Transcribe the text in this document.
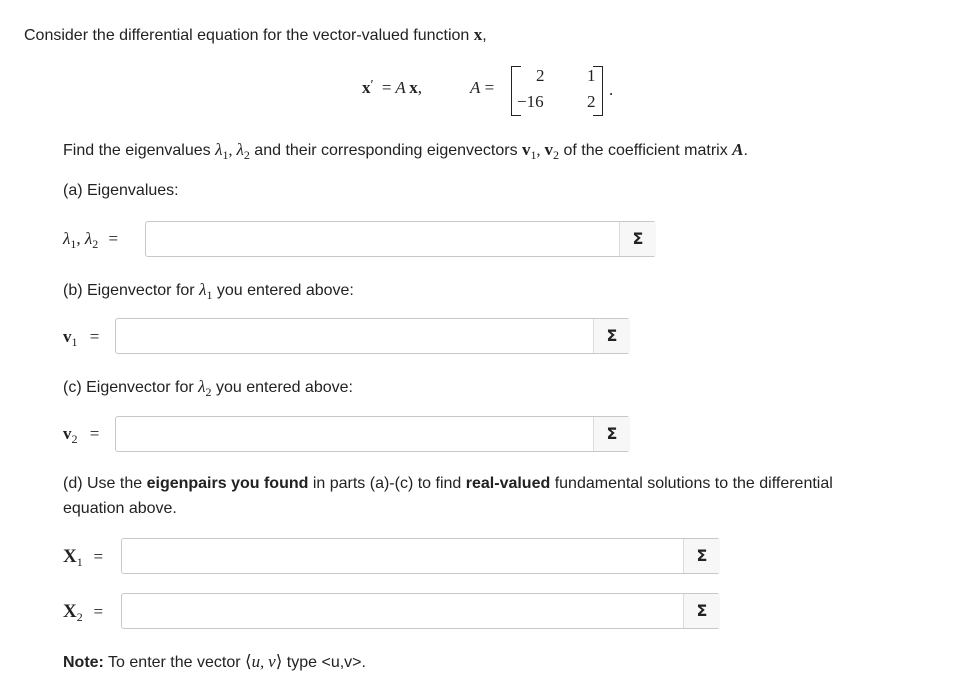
Consider the differential equation for the vector-valued function x,
x′ = A  x,	A =
2	1
−16	2
.
Find the eigenvalues $\lambda_1$, $\lambda_2$ and their corresponding eigenvectors $v_1$, $v_2$ of the coefficient matrix A.
(a) Eigenvalues:
$\lambda_1$, $\lambda_2$ =	Σ
(b) Eigenvector for $\lambda_1$ you entered above:
$v_1$ =	Σ
(c) Eigenvector for $\lambda_2$ you entered above:
$v_2$ =	Σ
(d) Use the eigenpairs you found in parts (a)-(c) to find real-valued fundamental solutions to the differential
equation above.
$X_1$ =	Σ
$X_2$ =	Σ
Note: To enter the vector ⟨u, v⟩ type <u,v>.
